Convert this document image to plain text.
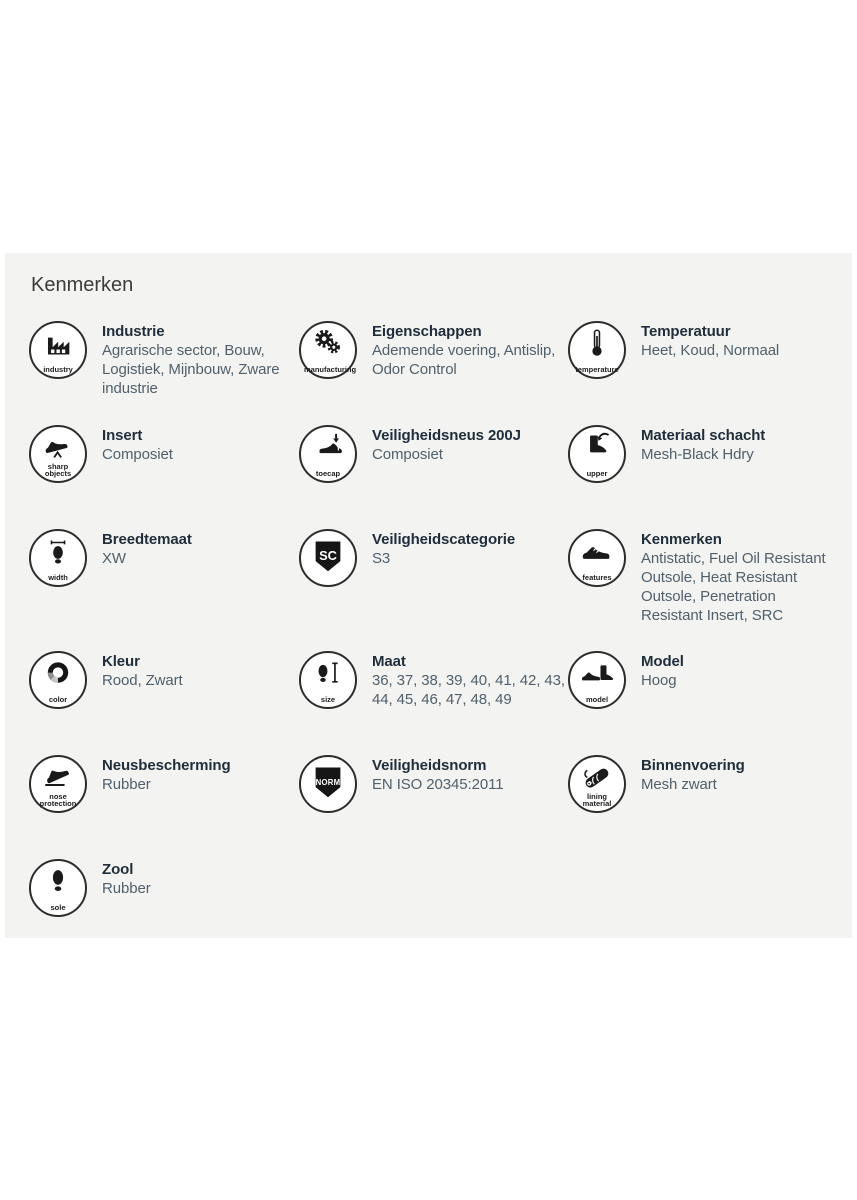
Kenmerken
industry
Industrie
Agrarische sector, Bouw, Logistiek, Mijnbouw, Zware industrie
manufacturing
Eigenschappen
Ademende voering, Antislip, Odor Control	temperature
Temperatuur
Heet, Koud, Normaal
sharp objects
Insert
Composiet
toecap
Veiligheidsneus 200J
Composiet
upper
Materiaal schacht
Mesh-Black Hdry
width
Breedtemaat
XW	SC
Veiligheidscategorie
S3
features
Kenmerken
Antistatic, Fuel Oil Resistant Outsole, Heat Resistant Outsole, Penetration Resistant Insert, SRC
color
Kleur
Rood, Zwart
size
Maat
36, 37, 38, 39, 40, 41, 42, 43, 44, 45, 46, 47, 48, 49	model
Model
Hoog
nose protection
Neusbescherming
Rubber	NORM
Veiligheidsnorm
EN ISO 20345:2011
lining material
Binnenvoering
Mesh zwart
sole
Zool
Rubber
